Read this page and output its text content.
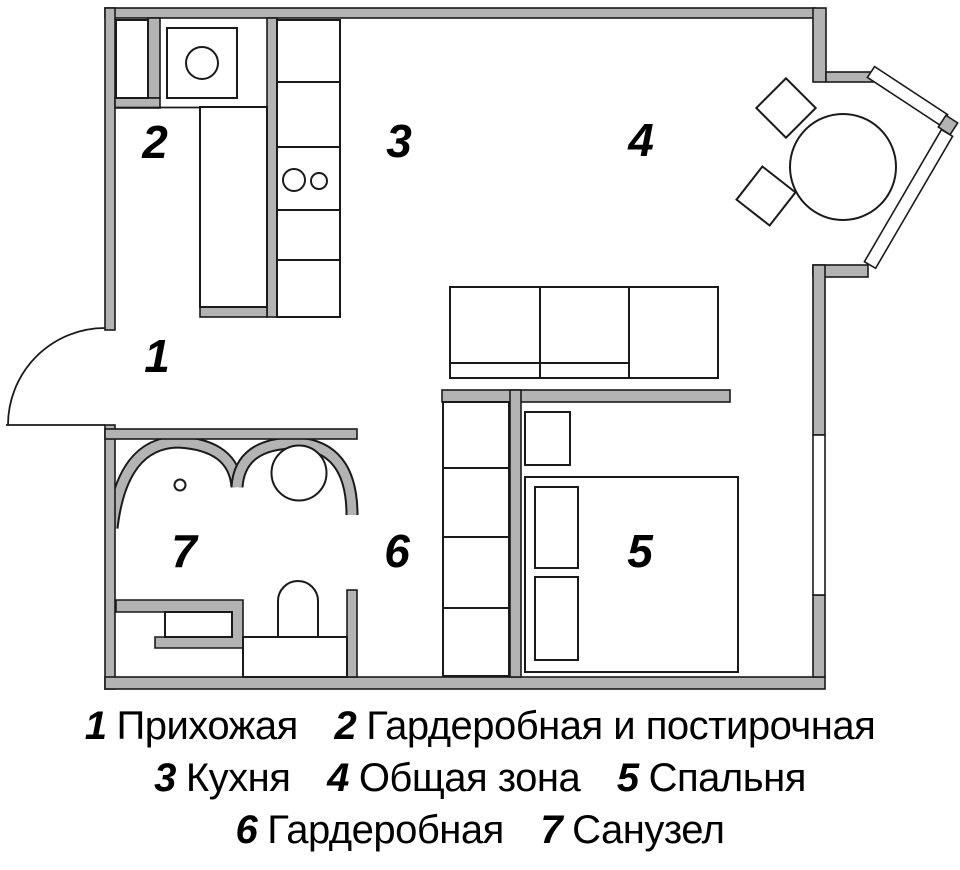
1
2	3	4
5
6
7
1 Прихожая 2 Гардеробная и постирочная
3 Кухня 4 Общая зона 5 Спальня
6 Гардеробная 7 Санузел
